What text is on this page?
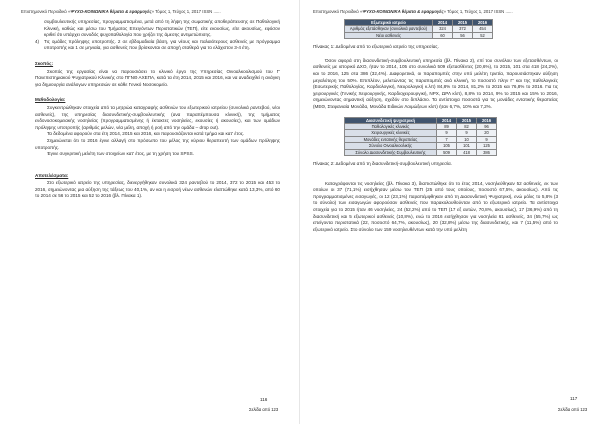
Επιστημονικό Περιοδικό «ΨΥΧΟ-ΚΟΙΝΩΝΙΚΑ θέματα & εφαρμογές» Τόμος 1, Τεύχος 1, 2017 ISSN ......
συμβουλευτικής υπηρεσίας, προγραμματισμένα, μετά από τη λήψη της σωματικής αποθεράπευσης σε Παθολογική Κλινική, καθώς και μέσω του Τμήματος Επειγόντων Περιστατικών (ΤΕΠ), είτε εκουσίως, είτε ακουσίως, εφόσον κριθεί ότι υπάρχει συνοδός ψυχοπαθολογία που χρήζει της άμεσης αντιμετώπισης.
4)	Τις ομάδες πρόληψης υποτροπής. 2 σε εβδομαδιαία βάση, για νέους και παλαιότερους ασθενείς με πρόγραμμα υποτροπής και 1 σε μηνιαία, για ασθενείς που βρίσκονται σε αποχή σταθερά για το ελάχιστον 3-4 έτη.
Σκοπός:
Σκοπός της εργασίας είναι να παρουσιάσει το κλινικό έργο της Υπηρεσίας Οινοαλκοολισμού του Γ' Πανεπιστημιακού Ψυχιατρικού Κλινικής στο ΠΓΝΘ ΑΧΕΠΑ, κατά τα έτη 2014, 2015 και 2016, και να αναδειχθεί η ανάγκη για δημιουργία ανάλογων υπηρεσιών σε κάθε Γενικό Νοσοκομείο.
Μεθοδολογία:
Συγκεντρώθηκαν στοιχεία από τα μητρώα καταγραφής ασθενών του εξωτερικού ιατρείου (συνολικά ραντεβού, νέοι ασθενείς), της υπηρεσίας διασυνδετικής-συμβουλευτικής (ανα παραπέμπουσα κλινική), της τμήματος ενδονοσοκομειακής νοσηλείας (προγραμματισμένης ή έκτακτες νοσηλείες, εκουσίες ή ακουσίες), και των ομάδων πρόληψης υποτροπής (αριθμός μελών, νέα μέλη, αποχή ή ροή από την ομάδα – drop out).
Τα δεδομένα αφορούν στα έτη 2014, 2015 και 2016, και παρουσιάζονται κατά τμήμα και κατ' έτος.
Σημειώνεται ότι το 2016 έγινε αλλαγή στο πρόσωπο του μέλος της κύριου θεραπευτή των ομάδων πρόληψης υποτροπής.
Έγινε συγκριτική μελέτη των στοιχείων κατ' έτος, με τη χρήση του SPSS.
Αποτελέσματα:
Στο εξωτερικό ιατρείο της υπηρεσίας, διενεργήθηκαν συνολικά 324 ραντεβού το 2014, 372 το 2015 και 453 το 2016, σημειώνοντας μια αύξηση της τάξεως του 40,1%, αν και η εισροή νέων ασθενών ελαττώθηκε κατά 13,3%, από 60 το 2014 σε 56 το 2015 και 52 το 2016 (βλ. Πίνακα 1).
116
Σελίδα από 123
Επιστημονικό Περιοδικό «ΨΥΧΟ-ΚΟΙΝΩΝΙΚΑ θέματα & εφαρμογές» Τόμος 1, Τεύχος 1, 2017 ISSN ......
Εξωτερικό ιατρείο	2014	2015	2016
Αριθμός εξετάσθηκαν (συνολικά ραντεβού)	324	372	454
Νέοι ασθενείς	60	56	52
Πίνακας 1: Δεδομένα από το εξωτερικό ιατρείο της υπηρεσίας.
Όσον αφορά στη διασυνδετική-συμβουλευτική υπηρεσία (βλ. Πίνακα 2), επί του συνόλου των εξετασθέντων, οι ασθενείς με ιστορικό ΔΧΟ, ήταν το 2014, 105 στο συνολικά 509 εξετασθέντες (20,6%), το 2015, 101 στα 418 (24,2%), και το 2016, 125 στα 386 (32,4%). Διαφορετικά, οι παραπομπές στην υπό μελέτη τριετία, παρουσιάστηκαν αύξηση μεγαλύτερη του 50%. Επιπλέον, μελετώντας τις παραπομπές ανά κλινική, το ποσοστό πλην Γ' και της παθολογικές (Εσωτερικής Παθολογίας, Καρδιολογική, Νευρολογική κ.λπ) 84,8% το 2014, 81,2% το 2015 και 76,8% το 2016. Για τις χειρουργικές (Γενικής Χειρουργικής, Καρδιοχειρουργική, ΝΡΧ, ΩΡΛ κλπ), 8,8% το 2014, 9% το 2015 και 15% το 2016, σημειώνοντας σημαντική αύξηση, σχεδόν στο διπλάσιο. Τα αντίστοιχα ποσοστά για τις μονάδες εντατικής θεραπείας (ΜΕΘ, Στεφανιαία Μονάδα, Μονάδα Ειδικών Λοιμώξεων κλπ) ήταν 6,7%, 10% και 7,2%.
Διασυνδετική ψυχιατρική	2014	2015	2016
Παθολογικές κλινικές	89	82	96
Χειρουργικές κλινικές	9	9	20
Μονάδες εντατικής θεραπείας	7	10	9
Σύνολο Οινοαλκοολικής	105	101	125
Σύνολο Διασυνδετικής-Συμβουλευτικής	509	418	386
Πίνακας 2: Δεδομένα από τη διασυνδετική-συμβουλευτική υπηρεσία.
Καταγράφονται τις νοσηλείες (βλ. Πίνακα 3), διαπιστώθηκε ότι το έτος 2014, νοσηλεύθηκαν 52 ασθενείς, εκ των οποίων οι 37 (71,1%) εισήχθησαν μέσω του ΤΕΠ (25 από τους οποίους, ποσοστό 67,5%, ακουσίως). Από τις προγραμματισμένες εισαγωγές, οι 12 (23,1%) παραπέμφθηκαν από τη Διασυνδετική Ψυχιατρική, ενώ μόλις το 5,8% (3 το σύνολο) των εισαγωγών αφορούσαν ασθενείς που παρακολουθούνταν από το εξωτερικό ιατρείο. Τα αντίστοιχα στοιχεία για το 2015 ήταν 46 νοσηλείες, 24 (52,2%) από το ΤΕΠ (17 εξ αυτών, 70,8%, ακουσίως), 17 (36,9%) από τη διασυνδετική και 5 εξωτερικοί ασθενείς (10,8%), ενώ το 2016 εισήχθησαν για νοσηλεία 61 ασθενείς, 34 (55,7%) ως επείγοντα περιστατικά (22, ποσοστό 64,7%, ακουσίως), 20 (32,8%) μέσω της διασυνδετικής, και 7 (11,5%) από το εξωτερικό ιατρείο. Στο σύνολο των 159 νοσηλευθέντων κατά την υπό μελέτη
117
Σελίδα από 123
